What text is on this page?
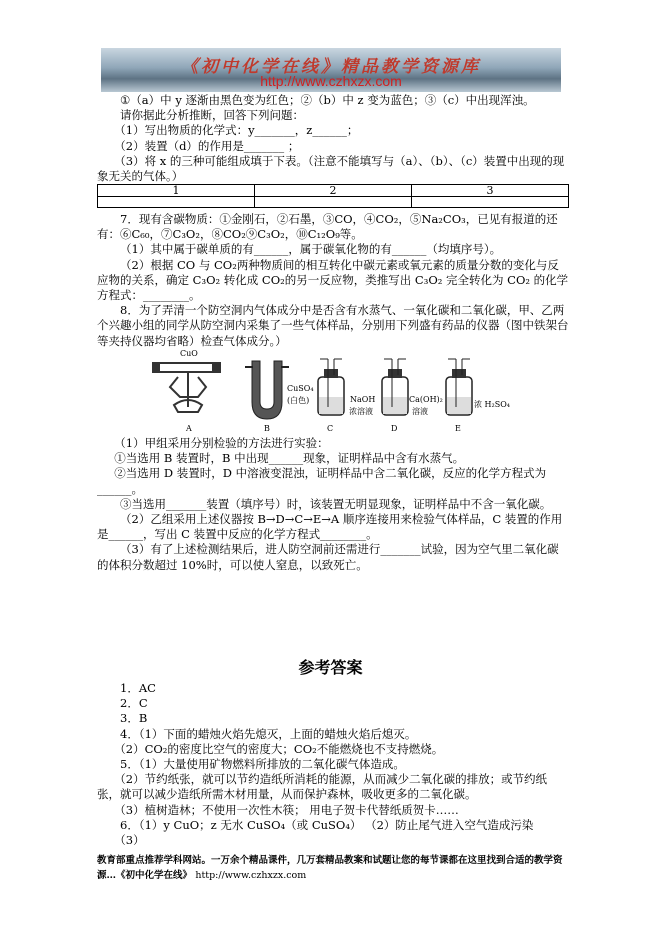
《初中化学在线》精品教学资源库
http://www.czhxzx.com

①（a）中 y 逐渐由黑色变为红色；②（b）中 z 变为蓝色；③（c）中出现浑浊。

请你据此分析推断，回答下列问题：

（1）写出物质的化学式：y_______，z______；

（2）装置（d）的作用是_______ ；

（3）将 x 的三种可能组成填于下表。（注意不能填写与（a）、（b）、（c）装置中出现的现象无关的气体。）

1	2	3

7．现有含碳物质：①金刚石，②石墨，③CO，④CO₂，⑤Na₂CO₃，已见有报道的还有：⑥C₆₀，⑦C₃O₂，⑧CO₂⑨C₃O₂，⑩C₁₂O₉等。

（1）其中属于碳单质的有______，属于碳氧化物的有______（均填序号）。

（2）根据 CO 与 CO₂两种物质间的相互转化中碳元素或氧元素的质量分数的变化与反应物的关系，确定 C₃O₂ 转化成 CO₂的另一反应物，类推写出 C₃O₂ 完全转化为 CO₂ 的化学方程式：________。

8．为了弄清一个防空洞内气体成分中是否含有水蒸气、一氧化碳和二氧化碳，甲、乙两个兴趣小组的同学从防空洞内采集了一些气体样品，分别用下列盛有药品的仪器（图中铁架台等夹持仪器均省略）检查气体成分。）

CuO
A
CuSO₄
(白色)
B
NaOH
浓溶液
C
Ca(OH)₂
溶液
D
浓 H₂SO₄
E

（1）甲组采用分别检验的方法进行实验：

①当选用 B 装置时，B 中出现______现象，证明样品中含有水蒸气。

②当选用 D 装置时，D 中溶液变混浊，证明样品中含二氧化碳，反应的化学方程式为______。

③当选用_______装置（填序号）时，该装置无明显现象，证明样品中不含一氧化碳。

（2）乙组采用上述仪器按 B→D→C→E→A 顺序连接用来检验气体样品，C 装置的作用是______，写出 C 装置中反应的化学方程式________。

（3）有了上述检测结果后，进人防空洞前还需进行_______试验，因为空气里二氧化碳的体积分数超过 10%时，可以使人窒息，以致死亡。

参考答案

1．AC

2．C

3．B

4．（1）下面的蜡烛火焰先熄灭，上面的蜡烛火焰后熄灭。

（2）CO₂的密度比空气的密度大；CO₂不能燃烧也不支持燃烧。

5．（1）大量使用矿物燃料所排放的二氧化碳气体造成。

（2）节约纸张，就可以节约造纸所消耗的能源，从而减少二氧化碳的排放；或节约纸张，就可以减少造纸所需木材用量，从而保护森林，吸收更多的二氧化碳。

（3）植树造林；不使用一次性木筷； 用电子贺卡代替纸质贺卡……

6．（1）y CuO；z 无水 CuSO₄（或 CuSO₄） （2）防止尾气进入空气造成污染

（3）

教育部重点推荐学科网站。一万余个精品课件，几万套精品教案和试题让您的每节课都在这里找到合适的教学资源…《初中化学在线》 http://www.czhxzx.com
